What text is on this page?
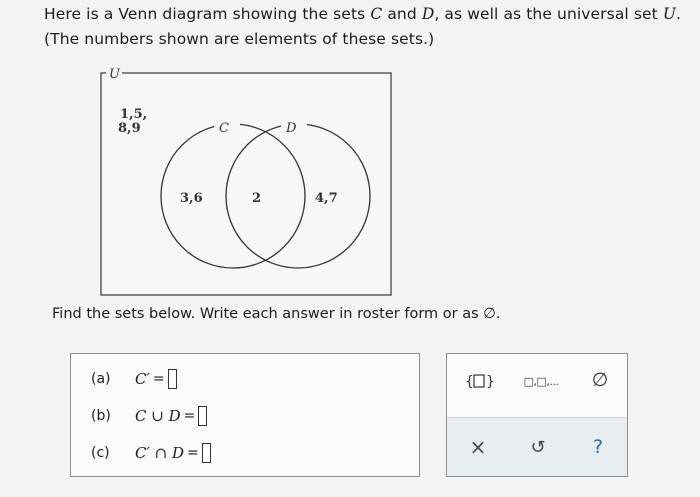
Here is a Venn diagram showing the sets C and D, as well as the universal set U.
(The numbers shown are elements of these sets.)
U
C	D
1,5,
8,9
3,6	2	4,7
Find the sets below. Write each answer in roster form or as ∅.
(a)	C′ =
(b)	C ∪ D =
(c)	C′ ∩ D =
{ }	□,□,... ∅
× ↺ ?
